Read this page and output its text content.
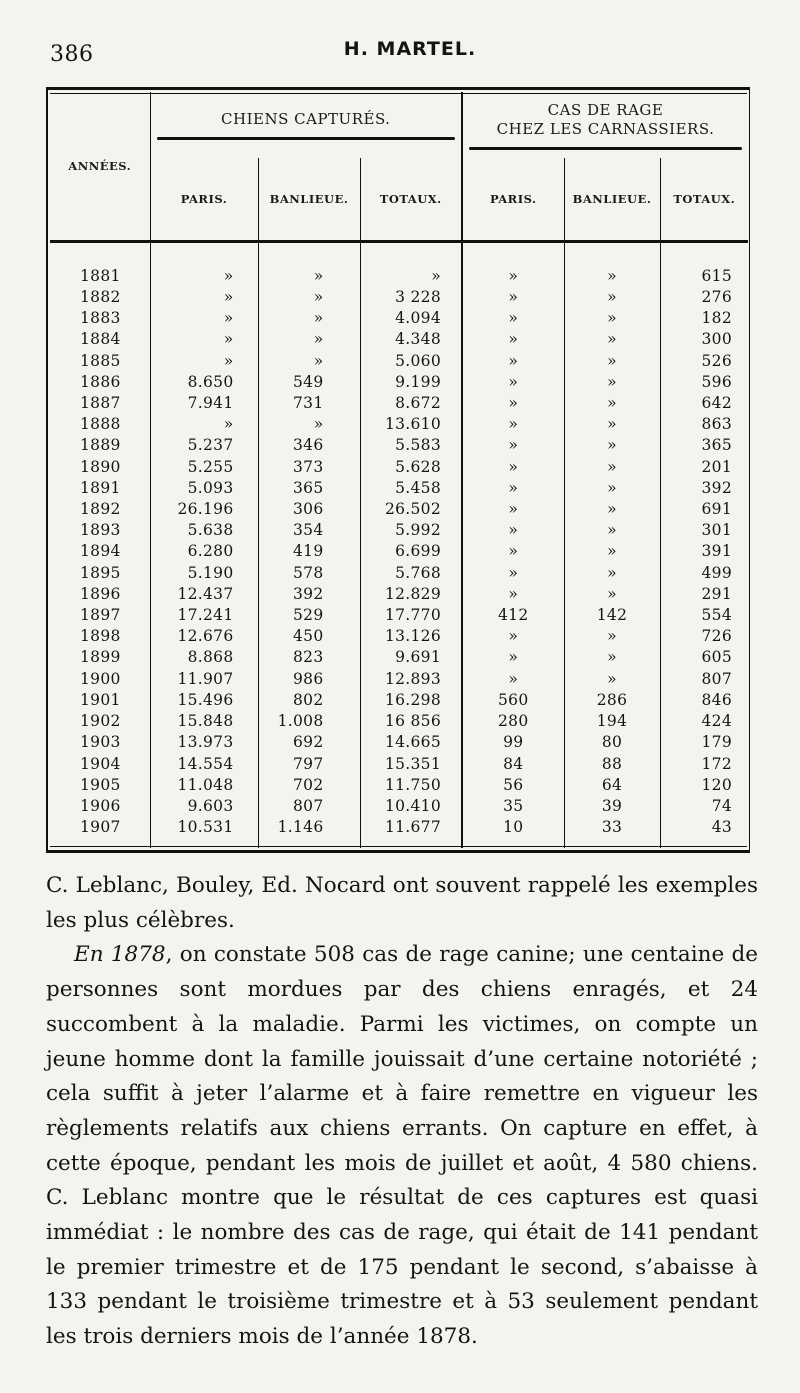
386	H. MARTEL.
ANNÉES.	CHIENS CAPTURÉS.			CAS DE RAGE
CHEZ LES CARNASSIERS.		

	PARIS.	BANLIEUE.	TOTAUX.	PARIS.	BANLIEUE.	TOTAUX.

1881	»	»	»	»	»	615
1882	»	»	3 228	»	»	276
1883	»	»	4.094	»	»	182
1884	»	»	4.348	»	»	300
1885	»	»	5.060	»	»	526
1886	8.650	549	9.199	»	»	596
1887	7.941	731	8.672	»	»	642
1888	»	»	13.610	»	»	863
1889	5.237	346	5.583	»	»	365
1890	5.255	373	5.628	»	»	201
1891	5.093	365	5.458	»	»	392
1892	26.196	306	26.502	»	»	691
1893	5.638	354	5.992	»	»	301
1894	6.280	419	6.699	»	»	391
1895	5.190	578	5.768	»	»	499
1896	12.437	392	12.829	»	»	291
1897	17.241	529	17.770	412	142	554
1898	12.676	450	13.126	»	»	726
1899	8.868	823	9.691	»	»	605
1900	11.907	986	12.893	»	»	807
1901	15.496	802	16.298	560	286	846
1902	15.848	1.008	16 856	280	194	424
1903	13.973	692	14.665	99	80	179
1904	14.554	797	15.351	84	88	172
1905	11.048	702	11.750	56	64	120
1906	9.603	807	10.410	35	39	74
1907	10.531	1.146	11.677	10	33	43

C. Leblanc, Bouley, Ed. Nocard ont souvent rappelé les exemples les plus célèbres.

En 1878, on constate 508 cas de rage canine; une centaine de personnes sont mordues par des chiens enragés, et 24 succombent à la maladie. Parmi les victimes, on compte un jeune homme dont la famille jouissait d’une certaine notoriété ; cela suffit à jeter l’alarme et à faire remettre en vigueur les règlements relatifs aux chiens errants. On capture en effet, à cette époque, pendant les mois de juillet et août, 4 580 chiens. C. Leblanc montre que le résultat de ces captures est quasi immédiat : le nombre des cas de rage, qui était de 141 pendant le premier trimestre et de 175 pendant le second, s’abaisse à 133 pendant le troisième trimestre et à 53 seulement pendant les trois derniers mois de l’année 1878.
